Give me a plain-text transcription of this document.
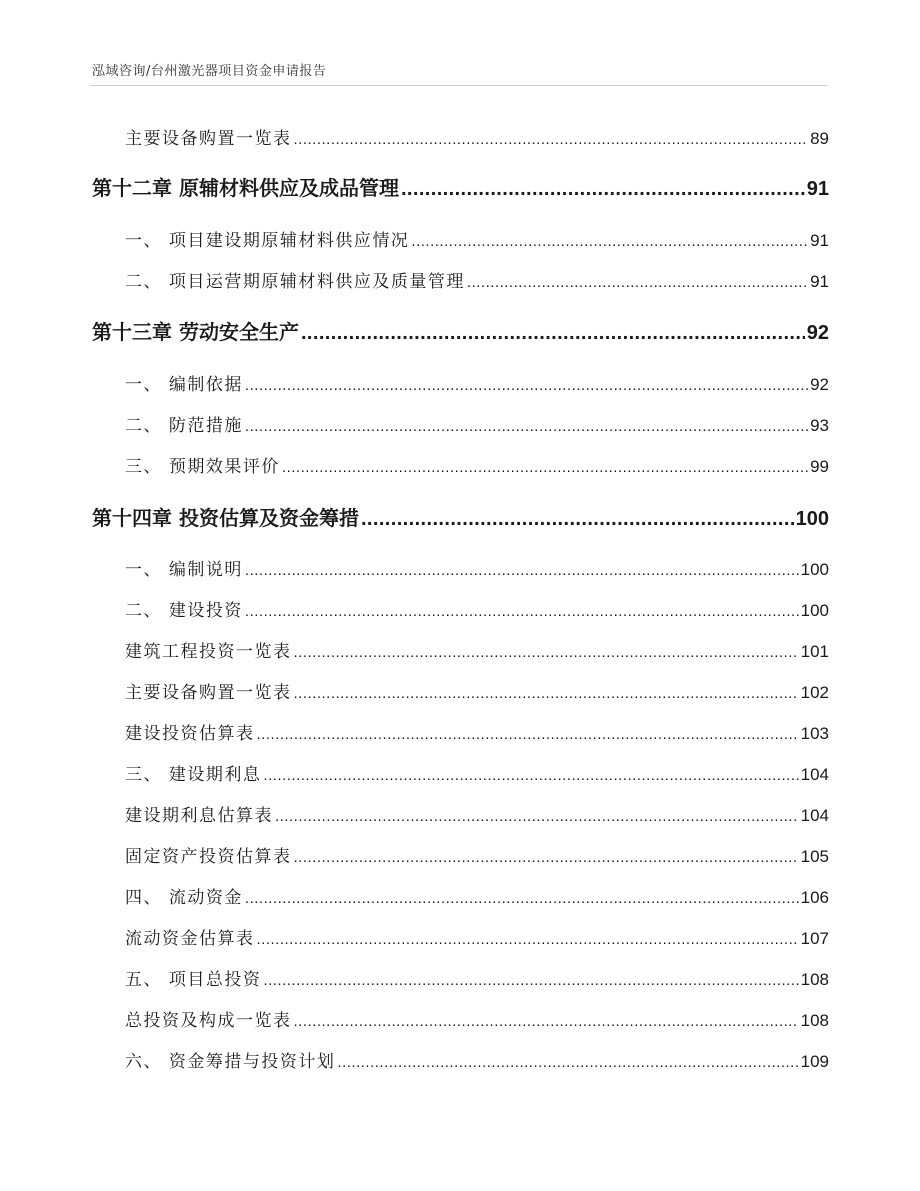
泓域咨询/台州激光器项目资金申请报告
主要设备购置一览表 .....	89
第十二章 原辅材料供应及成品管理 .....	91
一、 项目建设期原辅材料供应情况 .....	91
二、 项目运营期原辅材料供应及质量管理 .....	91
第十三章 劳动安全生产 .....	92
一、 编制依据 .....	92
二、 防范措施 .....	93
三、 预期效果评价 .....	99
第十四章 投资估算及资金筹措 .....	100
一、 编制说明 .....	100
二、 建设投资 .....	100
建筑工程投资一览表 .....	101
主要设备购置一览表 .....	102
建设投资估算表 .....	103
三、 建设期利息 .....	104
建设期利息估算表 .....	104
固定资产投资估算表 .....	105
四、 流动资金 .....	106
流动资金估算表 .....	107
五、 项目总投资 .....	108
总投资及构成一览表 .....	108
六、 资金筹措与投资计划 .....	109
